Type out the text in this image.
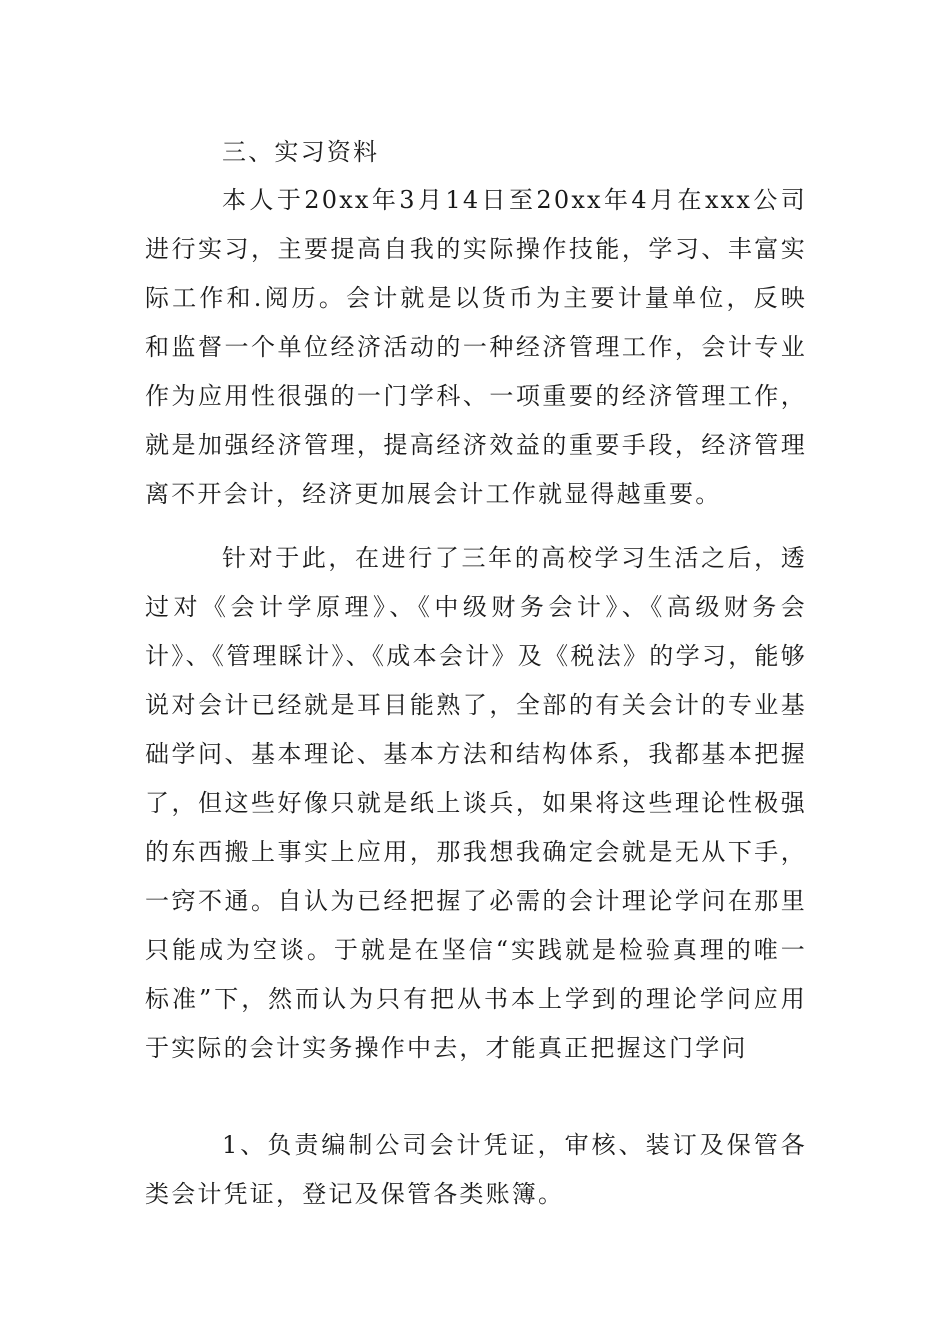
三、实习资料

本人于20xx年3月14日至20xx年4月在xxx公司进行实习，主要提高自我的实际操作技能，学习、丰富实际工作和.阅历。会计就是以货币为主要计量单位，反映和监督一个单位经济活动的一种经济管理工作，会计专业作为应用性很强的一门学科、一项重要的经济管理工作，就是加强经济管理，提高经济效益的重要手段，经济管理离不开会计，经济更加展会计工作就显得越重要。

针对于此，在进行了三年的高校学习生活之后，透过对《会计学原理》、《中级财务会计》、《高级财务会计》、《管理睬计》、《成本会计》及《税法》的学习，能够说对会计已经就是耳目能熟了，全部的有关会计的专业基础学问、基本理论、基本方法和结构体系，我都基本把握了，但这些好像只就是纸上谈兵，如果将这些理论性极强的东西搬上事实上应用，那我想我确定会就是无从下手，一窍不通。自认为已经把握了必需的会计理论学问在那里只能成为空谈。于就是在坚信“实践就是检验真理的唯一标准”下，然而认为只有把从书本上学到的理论学问应用于实际的会计实务操作中去，才能真正把握这门学问

1、负责编制公司会计凭证，审核、装订及保管各类会计凭证，登记及保管各类账簿。
